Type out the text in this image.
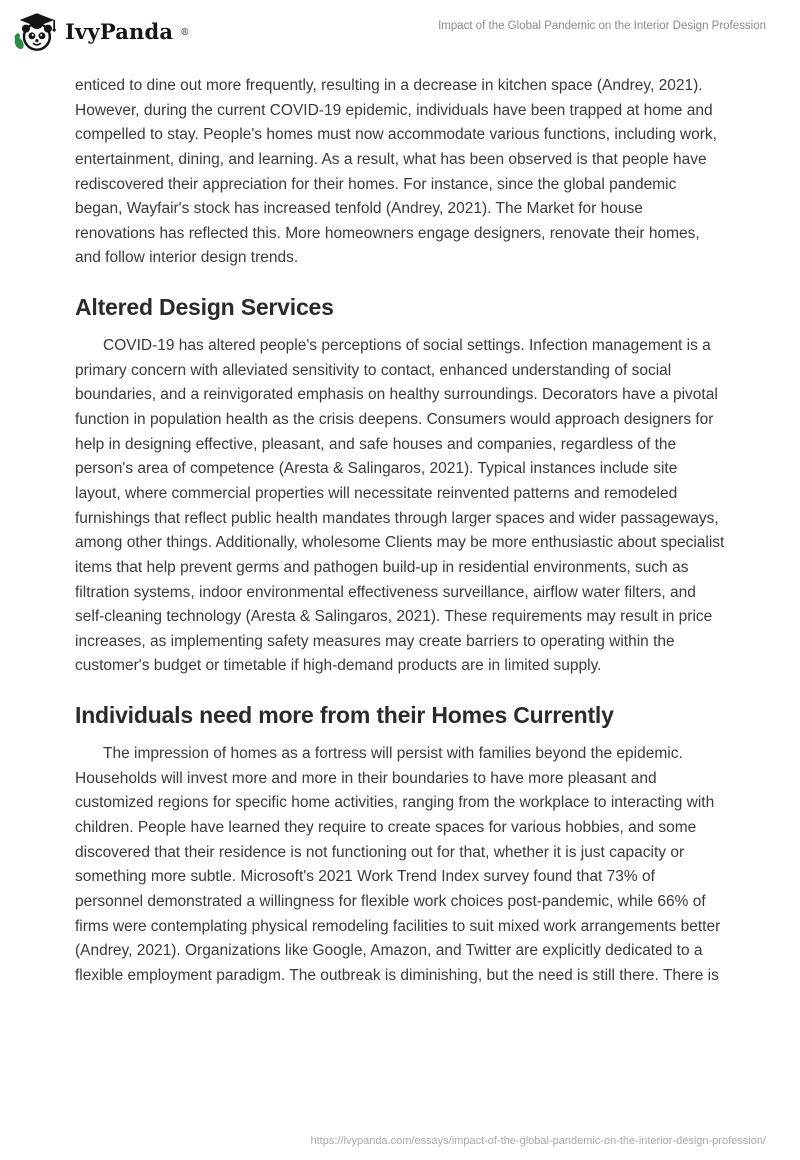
IvyPanda ®
Impact of the Global Pandemic on the Interior Design Profession

enticed to dine out more frequently, resulting in a decrease in kitchen space (Andrey, 2021). However, during the current COVID-19 epidemic, individuals have been trapped at home and compelled to stay. People's homes must now accommodate various functions, including work, entertainment, dining, and learning. As a result, what has been observed is that people have rediscovered their appreciation for their homes. For instance, since the global pandemic began, Wayfair's stock has increased tenfold (Andrey, 2021). The Market for house renovations has reflected this. More homeowners engage designers, renovate their homes, and follow interior design trends.

Altered Design Services

COVID-19 has altered people's perceptions of social settings. Infection management is a primary concern with alleviated sensitivity to contact, enhanced understanding of social boundaries, and a reinvigorated emphasis on healthy surroundings. Decorators have a pivotal function in population health as the crisis deepens. Consumers would approach designers for help in designing effective, pleasant, and safe houses and companies, regardless of the person's area of competence (Aresta & Salingaros, 2021). Typical instances include site layout, where commercial properties will necessitate reinvented patterns and remodeled furnishings that reflect public health mandates through larger spaces and wider passageways, among other things. Additionally, wholesome Clients may be more enthusiastic about specialist items that help prevent germs and pathogen build-up in residential environments, such as filtration systems, indoor environmental effectiveness surveillance, airflow water filters, and self-cleaning technology (Aresta & Salingaros, 2021). These requirements may result in price increases, as implementing safety measures may create barriers to operating within the customer's budget or timetable if high-demand products are in limited supply.

Individuals need more from their Homes Currently

The impression of homes as a fortress will persist with families beyond the epidemic. Households will invest more and more in their boundaries to have more pleasant and customized regions for specific home activities, ranging from the workplace to interacting with children. People have learned they require to create spaces for various hobbies, and some discovered that their residence is not functioning out for that, whether it is just capacity or something more subtle. Microsoft's 2021 Work Trend Index survey found that 73% of personnel demonstrated a willingness for flexible work choices post-pandemic, while 66% of firms were contemplating physical remodeling facilities to suit mixed work arrangements better (Andrey, 2021). Organizations like Google, Amazon, and Twitter are explicitly dedicated to a flexible employment paradigm. The outbreak is diminishing, but the need is still there. There is

https://ivypanda.com/essays/impact-of-the-global-pandemic-on-the-interior-design-profession/
